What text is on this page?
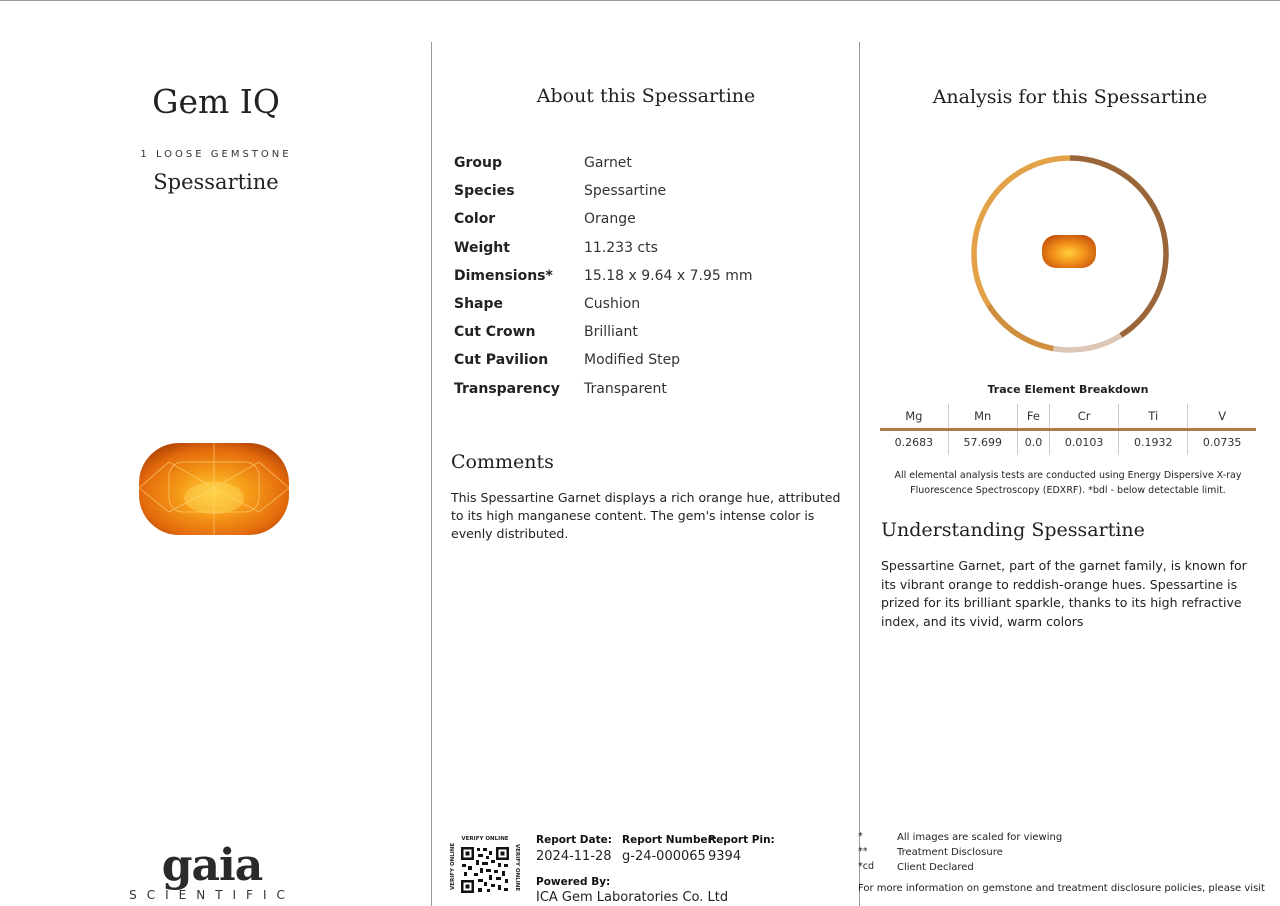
Gem IQ
1 LOOSE GEMSTONE
Spessartine
gaia
SCIENTIFIC
About this Spessartine
Group	Garnet
Species	Spessartine
Color	Orange
Weight	11.233 cts
Dimensions*	15.18 x 9.64 x 7.95 mm
Shape	Cushion
Cut Crown	Brilliant
Cut Pavilion	Modified Step
Transparency	Transparent
Comments
This Spessartine Garnet displays a rich orange hue, attributed to its high manganese content. The gem's intense color is evenly distributed.
VERIFY ONLINE
VERIFY ONLINE	VERIFY ONLINE
Report Date:
2024-11-28
Report Number:
g-24-000065
Report Pin:
9394
Powered By:
ICA Gem Laboratories Co. Ltd
Analysis for this Spessartine
Trace Element Breakdown
Mg	Mn	Fe	Cr	Ti	V
0.2683	57.699	0.0	0.0103	0.1932	0.0735
All elemental analysis tests are conducted using Energy Dispersive X-ray Fluorescence Spectroscopy (EDXRF). *bdl - below detectable limit.
Understanding Spessartine
Spessartine Garnet, part of the garnet family, is known for its vibrant orange to reddish-orange hues. Spessartine is prized for its brilliant sparkle, thanks to its high refractive index, and its vivid, warm colors
*	All images are scaled for viewing
**	Treatment Disclosure
*cd Client Declared
For more information on gemstone and treatment disclosure policies, please visit
